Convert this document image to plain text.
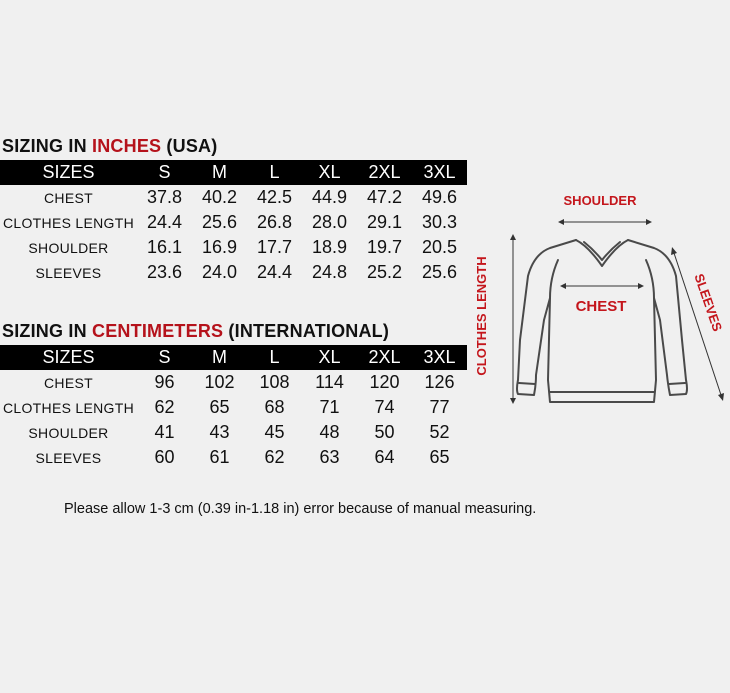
SIZING IN INCHES (USA)
SIZES	S	M	L	XL	2XL	3XL
CHEST	37.8	40.2	42.5	44.9	47.2	49.6
CLOTHES LENGTH	24.4	25.6	26.8	28.0	29.1	30.3
SHOULDER	16.1	16.9	17.7	18.9	19.7	20.5
SLEEVES	23.6	24.0	24.4	24.8	25.2	25.6
SIZING IN CENTIMETERS (INTERNATIONAL)
SIZES	S	M	L	XL	2XL	3XL
CHEST	96	102	108	114	120	126
CLOTHES LENGTH	62	65	68	71	74	77
SHOULDER	41	43	45	48	50	52
SLEEVES	60	61	62	63	64	65
SHOULDER
CLOTHES LENGTH	SLEEVES
CHEST
Please allow 1-3 cm (0.39 in-1.18 in) error because of manual measuring.
